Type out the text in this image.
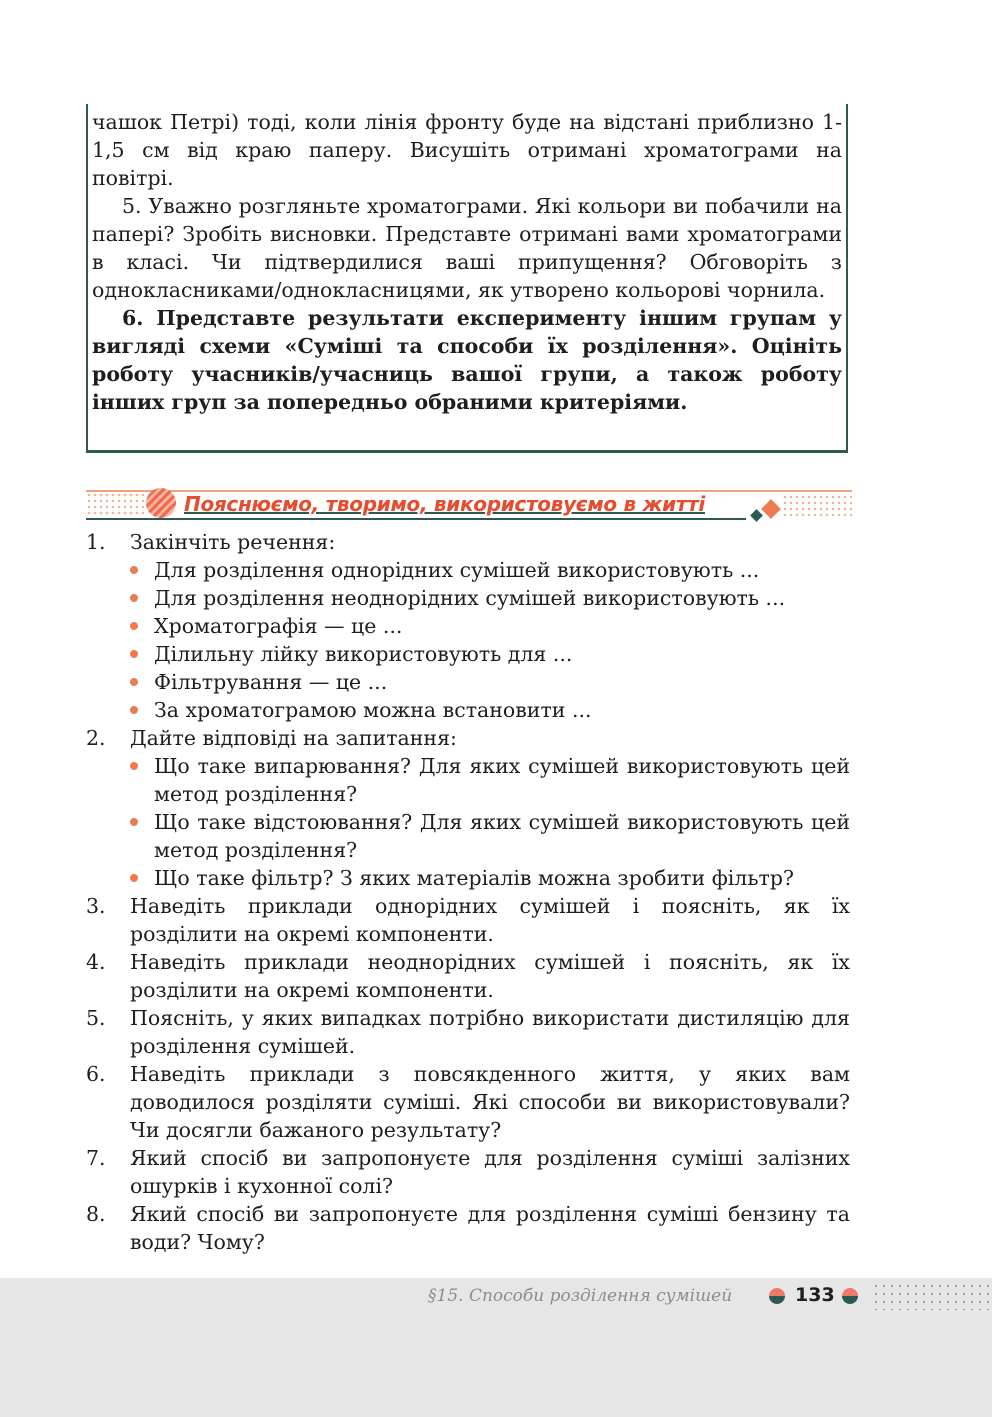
чашок Петрі) тоді, коли лінія фронту буде на відстані приблизно 1-1,5 см від краю паперу. Висушіть отримані хроматограми на повітрі.

5. Уважно розгляньте хроматограми. Які кольори ви побачили на папері? Зробіть висновки. Представте отримані вами хроматограми в класі. Чи підтвердилися ваші припущення? Обговоріть з однокласниками/однокласницями, як утворено кольорові чорнила.

6. Представте результати експерименту іншим групам у вигляді схеми «Суміші та способи їх розділення». Оцініть роботу учасників/учасниць вашої групи, а також роботу інших груп за попередньо обраними критеріями.

Пояснюємо, творимо, використовуємо в житті
1. Закінчіть речення:
Для розділення однорідних сумішей використовують ...
Для розділення неоднорідних сумішей використовують ...
Хроматографія — це ...
Ділильну лійку використовують для ...
Фільтрування — це ...
За хроматограмою можна встановити ...
2. Дайте відповіді на запитання:
Що таке випарювання? Для яких сумішей використовують цей метод розділення?
Що таке відстоювання? Для яких сумішей використовують цей метод розділення?
Що таке фільтр? З яких матеріалів можна зробити фільтр?
3. Наведіть приклади однорідних сумішей і поясніть, як їх розділити на окремі компоненти.
4. Наведіть приклади неоднорідних сумішей і поясніть, як їх розділити на окремі компоненти.
5. Поясніть, у яких випадках потрібно використати дистиляцію для розділення сумішей.
6. Наведіть приклади з повсякденного життя, у яких вам доводилося розділяти суміші. Які способи ви використовували? Чи досягли бажаного результату?
7. Який спосіб ви запропонуєте для розділення суміші залізних ошурків і кухонної солі?
8. Який спосіб ви запропонуєте для розділення суміші бензину та води? Чому?
§15. Способи розділення сумішей	133
